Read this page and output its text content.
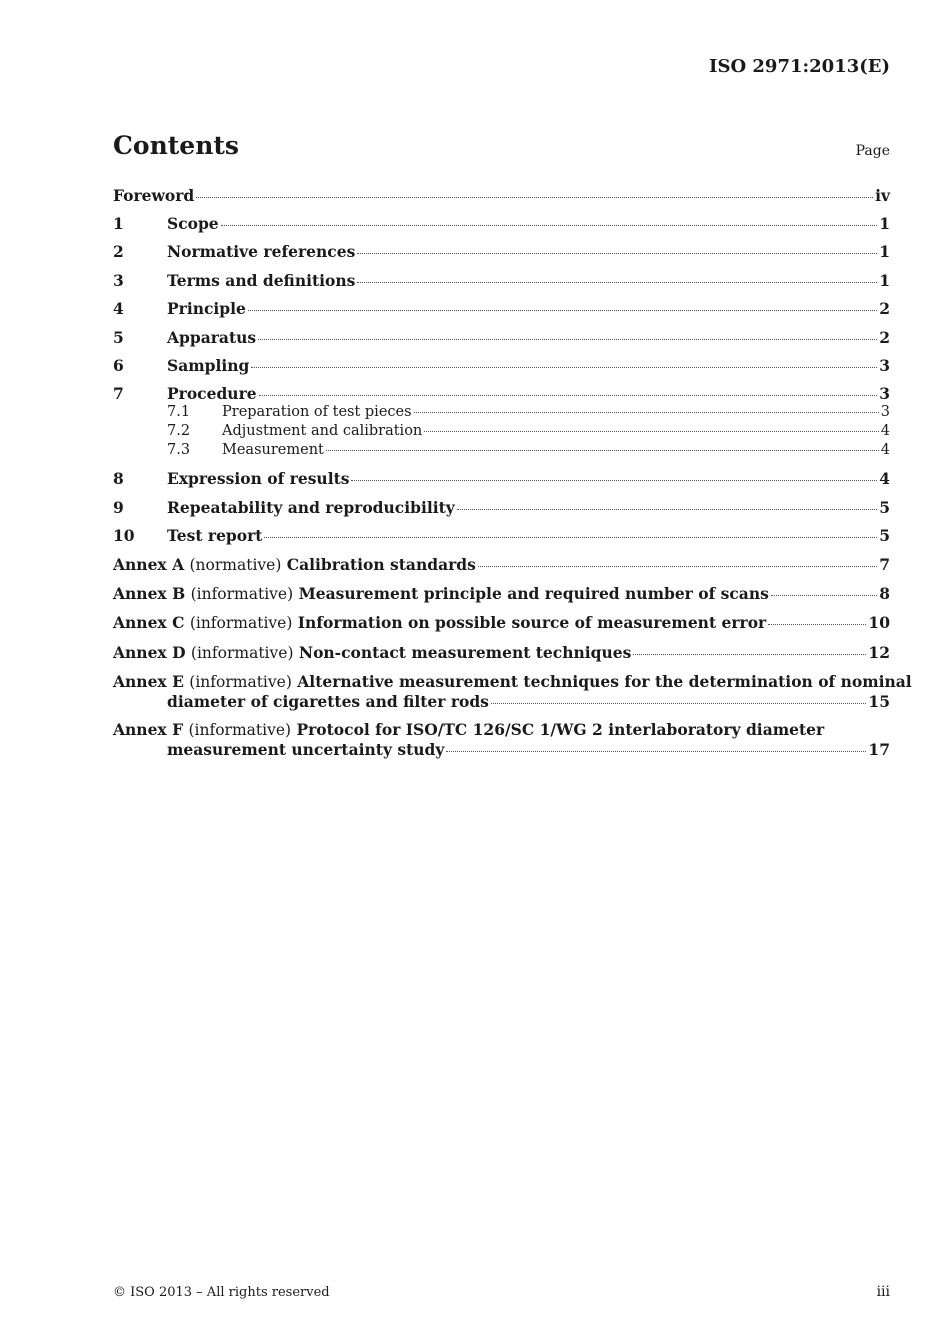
ISO 2971:2013(E)
Contents	Page
Foreword	iv
1	Scope	1
2	Normative references	1
3	Terms and definitions	1
4	Principle	2
5	Apparatus	2
6	Sampling	3
7	Procedure	3
7.1	Preparation of test pieces	3
7.2	Adjustment and calibration	4
7.3	Measurement	4
8	Expression of results	4
9	Repeatability and reproducibility	5
10	Test report	5
Annex A (normative) Calibration standards	7
Annex B (informative) Measurement principle and required number of scans	8
Annex C (informative) Information on possible source of measurement error	10
Annex D (informative) Non-contact measurement techniques	12
Annex E (informative) Alternative measurement techniques for the determination of nominal
diameter of cigarettes and filter rods	15
Annex F (informative) Protocol for ISO/TC 126/SC 1/WG 2 interlaboratory diameter
measurement uncertainty study	17
© ISO 2013 – All rights reserved	iii
